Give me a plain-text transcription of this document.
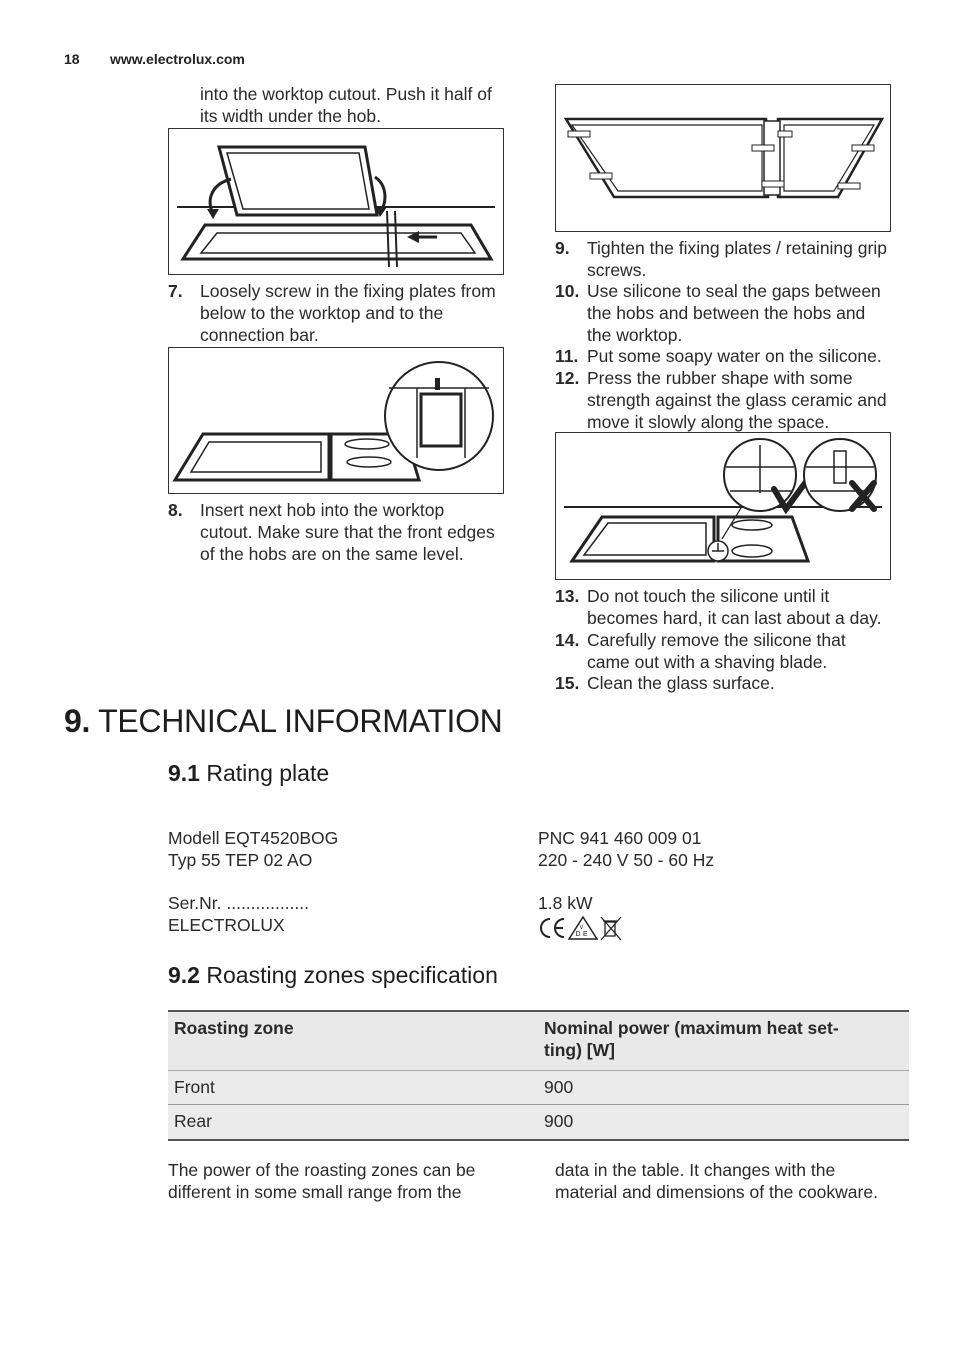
18 www.electrolux.com
into the worktop cutout. Push it half of
its width under the hob.
7. Loosely screw in the fixing plates from
below to the worktop and to the
connection bar.
8. Insert next hob into the worktop
cutout. Make sure that the front edges
of the hobs are on the same level.
9. Tighten the fixing plates / retaining grip
screws.
10. Use silicone to seal the gaps between
the hobs and between the hobs and
the worktop.
11. Put some soapy water on the silicone.
12. Press the rubber shape with some
strength against the glass ceramic and
move it slowly along the space.
13. Do not touch the silicone until it
becomes hard, it can last about a day.
14. Carefully remove the silicone that
came out with a shaving blade.
15. Clean the glass surface.
9. TECHNICAL INFORMATION
9.1 Rating plate
Modell EQT4520BOG
Typ 55 TEP 02 AO
Ser.Nr. .................
ELECTROLUX
PNC 941 460 009 01
220 - 240 V 50 - 60 Hz
1.8 kW
D E
V
9.2 Roasting zones specification
Roasting zone	Nominal power (maximum heat set-
ting) [W]

Front	900
Rear	900
The power of the roasting zones can be
different in some small range from the
data in the table. It changes with the
material and dimensions of the cookware.
